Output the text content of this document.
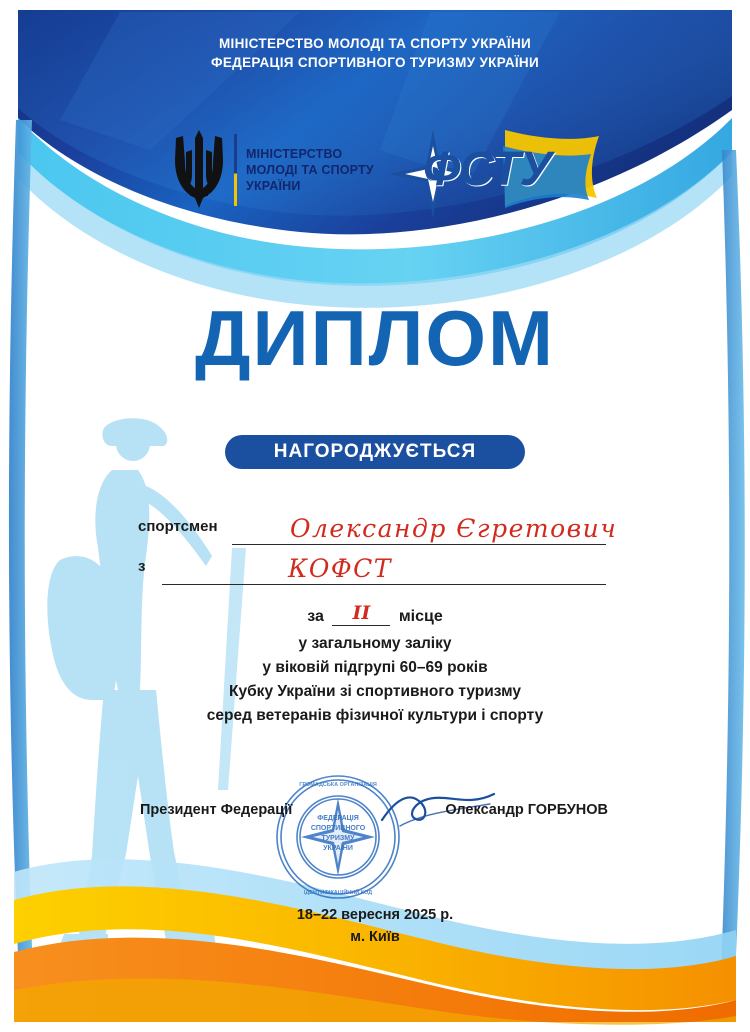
МІНІСТЕРСТВО МОЛОДІ ТА СПОРТУ УКРАЇНИ
ФЕДЕРАЦІЯ СПОРТИВНОГО ТУРИЗМУ УКРАЇНИ
МІНІСТЕРСТВО
МОЛОДІ ТА СПОРТУ
УКРАЇНИ	ФСТУ
ДИПЛОМ
НАГОРОДЖУЄТЬСЯ
спортсмен	Олександр Єгретович
з	КОФСТ
за	II	місце
у загальному заліку
у віковій підгрупі 60–69 років
Кубку України зі спортивного туризму
серед ветеранів фізичної культури і спорту
ФЕДЕРАЦІЯ
СПОРТИВНОГО
ТУРИЗМУ
УКРАЇНИ
ГРОМАДСЬКА ОРГАНІЗАЦІЯ
ІДЕНТИФІКАЦІЙНИЙ КОД
Президент Федерації	Олександр ГОРБУНОВ
18–22 вересня 2025 р.
м. Київ
